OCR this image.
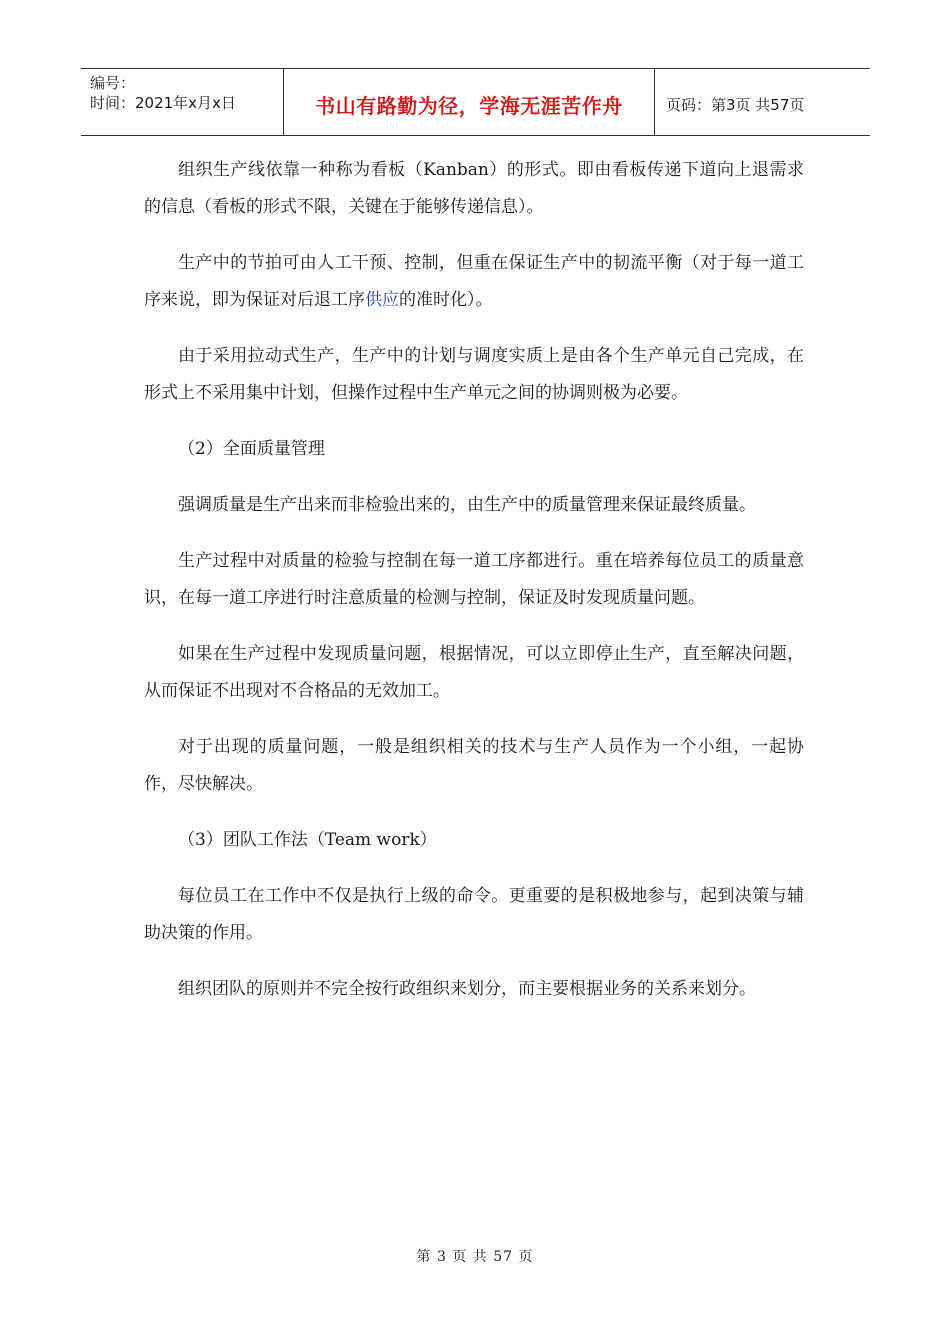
编号：
时间：2021年x月x日	书山有路勤为径，学海无涯苦作舟	页码：第3页 共57页

组织生产线依靠一种称为看板（Kanban）的形式。即由看板传递下道向上退需求的信息（看板的形式不限，关键在于能够传递信息）。

生产中的节拍可由人工干预、控制，但重在保证生产中的韧流平衡（对于每一道工序来说，即为保证对后退工序供应的准时化）。

由于采用拉动式生产，生产中的计划与调度实质上是由各个生产单元自己完成，在形式上不采用集中计划，但操作过程中生产单元之间的协调则极为必要。

（2）全面质量管理

强调质量是生产出来而非检验出来的，由生产中的质量管理来保证最终质量。

生产过程中对质量的检验与控制在每一道工序都进行。重在培养每位员工的质量意识，在每一道工序进行时注意质量的检测与控制，保证及时发现质量问题。

如果在生产过程中发现质量问题，根据情况，可以立即停止生产，直至解决问题，从而保证不出现对不合格品的无效加工。

对于出现的质量问题，一般是组织相关的技术与生产人员作为一个小组，一起协作，尽快解决。

（3）团队工作法（Team work）

每位员工在工作中不仅是执行上级的命令。更重要的是积极地参与，起到决策与辅助决策的作用。

组织团队的原则并不完全按行政组织来划分，而主要根据业务的关系来划分。

第 3 页 共 57 页
